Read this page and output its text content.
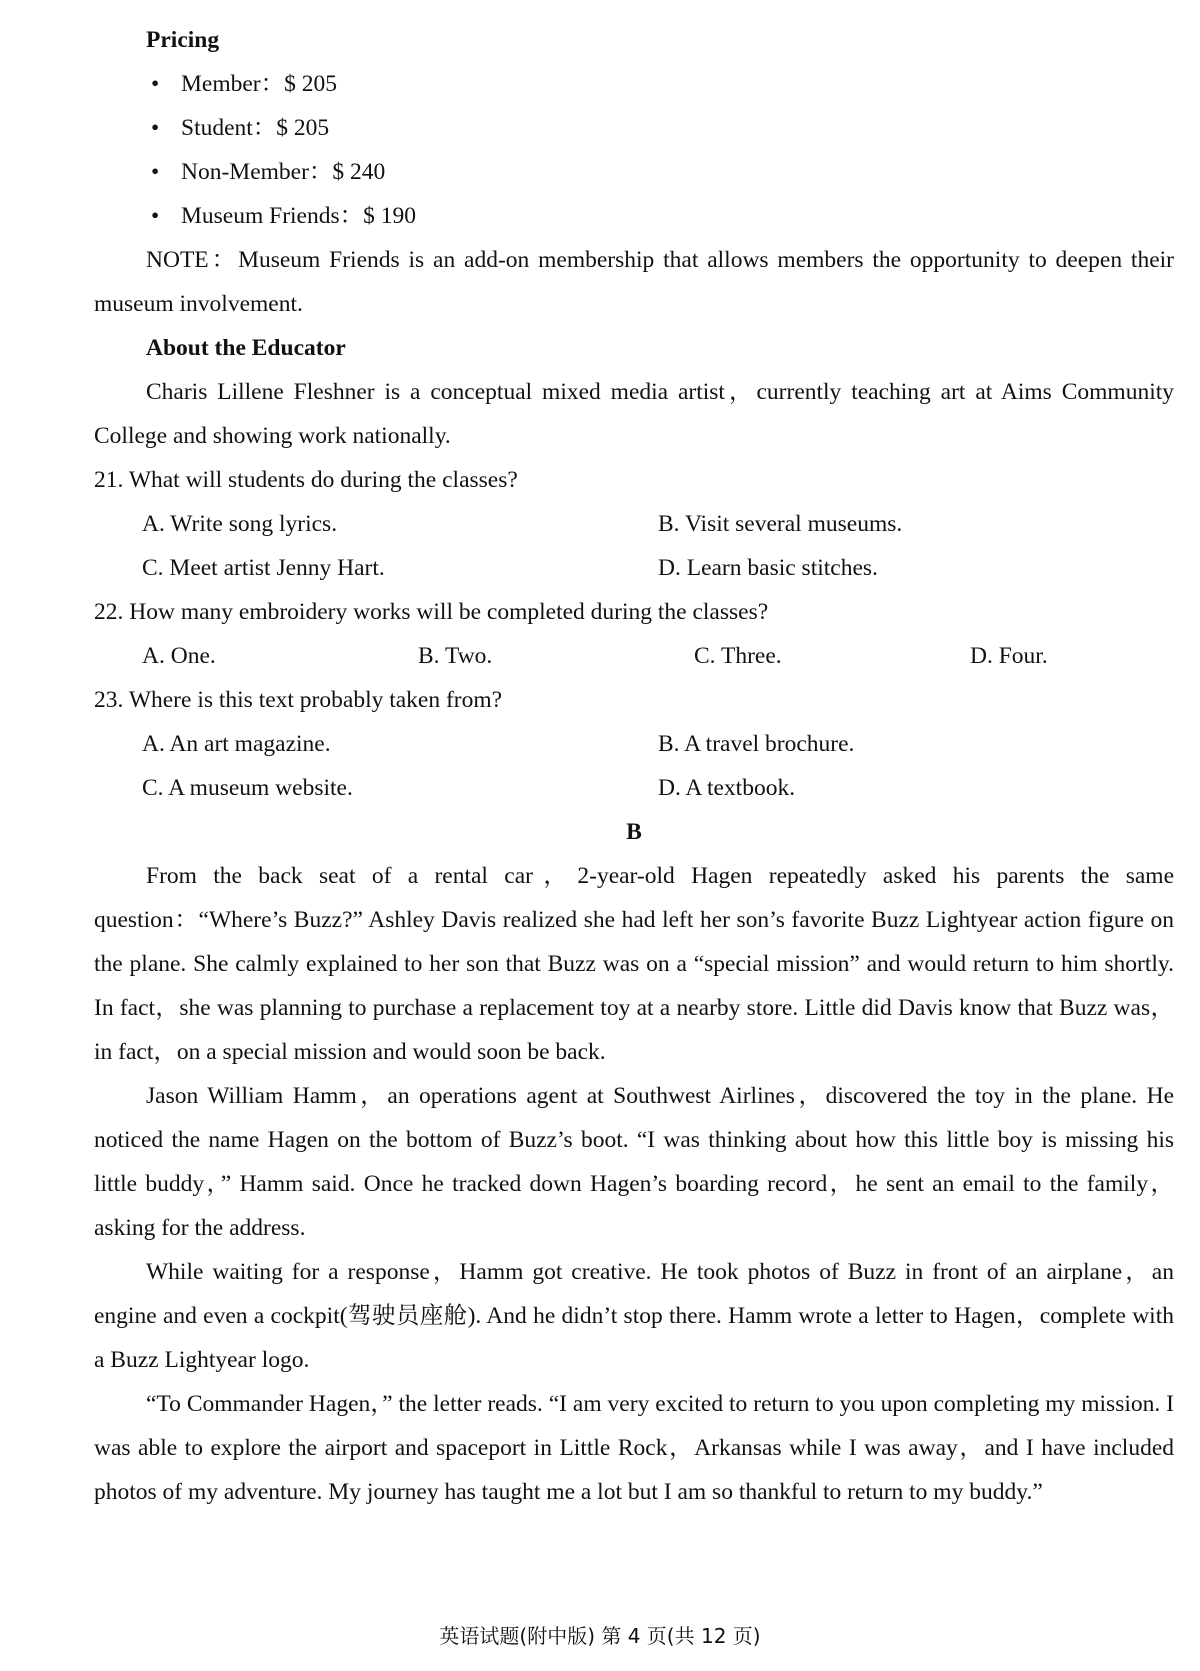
Pricing
• Member：$ 205
• Student：$ 205
• Non-Member：$ 240
• Museum Friends：$ 190
NOTE：Museum Friends is an add-on membership that allows members the opportunity to deepen their museum involvement.
About the Educator
Charis Lillene Fleshner is a conceptual mixed media artist，currently teaching art at Aims Community College and showing work nationally.
21. What will students do during the classes?
A. Write song lyrics.	B. Visit several museums.
C. Meet artist Jenny Hart.	D. Learn basic stitches.
22. How many embroidery works will be completed during the classes?
A. One.	B. Two.	C. Three.	D. Four.
23. Where is this text probably taken from?
A. An art magazine.	B. A travel brochure.
C. A museum website.	D. A textbook.
B
From the back seat of a rental car，2-year-old Hagen repeatedly asked his parents the same question：“Where’s Buzz?” Ashley Davis realized she had left her son’s favorite Buzz Lightyear action figure on the plane. She calmly explained to her son that Buzz was on a “special mission” and would return to him shortly. In fact，she was planning to purchase a replacement toy at a nearby store. Little did Davis know that Buzz was，in fact，on a special mission and would soon be back.
Jason William Hamm，an operations agent at Southwest Airlines，discovered the toy in the plane. He noticed the name Hagen on the bottom of Buzz’s boot. “I was thinking about how this little boy is missing his little buddy，” Hamm said. Once he tracked down Hagen’s boarding record，he sent an email to the family，asking for the address.
While waiting for a response，Hamm got creative. He took photos of Buzz in front of an airplane，an engine and even a cockpit(驾驶员座舱). And he didn’t stop there. Hamm wrote a letter to Hagen，complete with a Buzz Lightyear logo.
“To Commander Hagen，” the letter reads. “I am very excited to return to you upon completing my mission. I was able to explore the airport and spaceport in Little Rock，Arkansas while I was away，and I have included photos of my adventure. My journey has taught me a lot but I am so thankful to return to my buddy.”
英语试题(附中版) 第 4 页(共 12 页)
